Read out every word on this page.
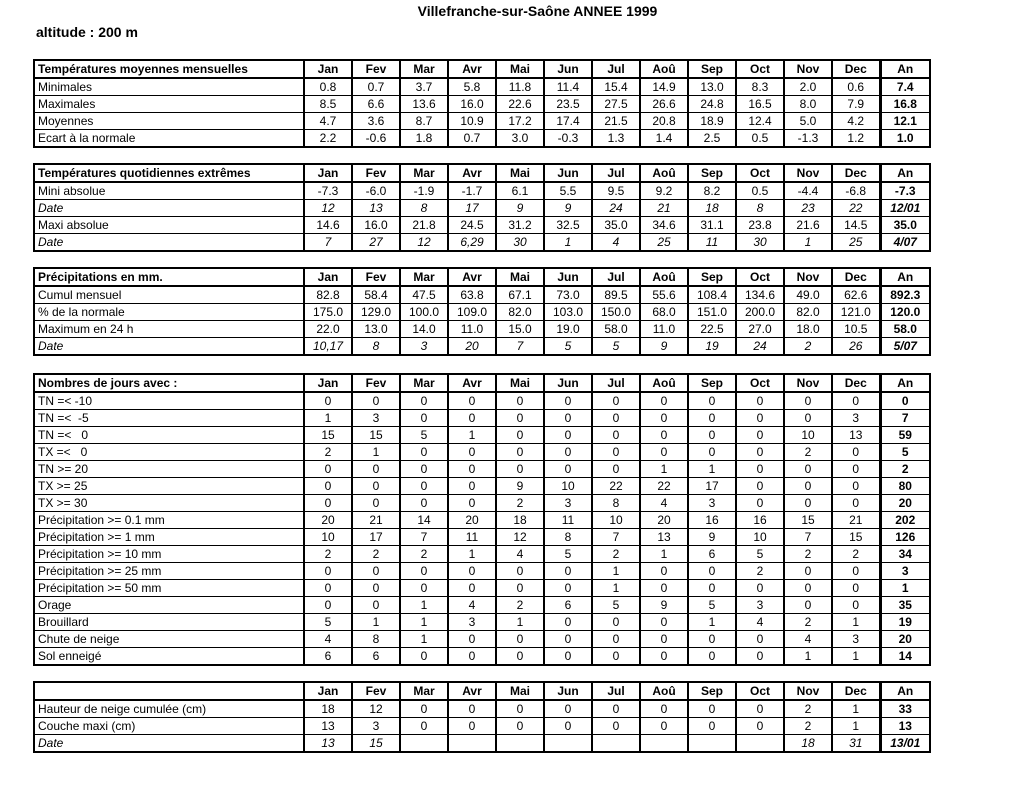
Villefranche-sur-Saône ANNEE 1999
altitude : 200 m
Températures moyennes mensuelles	Jan	Fev	Mar	Avr	Mai	Jun	Jul	Aoû	Sep	Oct	Nov	Dec	An
Minimales	0.8	0.7	3.7	5.8	11.8	11.4	15.4	14.9	13.0	8.3	2.0	0.6	7.4
Maximales	8.5	6.6	13.6	16.0	22.6	23.5	27.5	26.6	24.8	16.5	8.0	7.9	16.8
Moyennes	4.7	3.6	8.7	10.9	17.2	17.4	21.5	20.8	18.9	12.4	5.0	4.2	12.1
Ecart à la normale	2.2	-0.6	1.8	0.7	3.0	-0.3	1.3	1.4	2.5	0.5	-1.3	1.2	1.0
Températures quotidiennes extrêmes	Jan	Fev	Mar	Avr	Mai	Jun	Jul	Aoû	Sep	Oct	Nov	Dec	An
Mini absolue	-7.3	-6.0	-1.9	-1.7	6.1	5.5	9.5	9.2	8.2	0.5	-4.4	-6.8	-7.3
Date	12	13	8	17	9	9	24	21	18	8	23	22	12/01
Maxi absolue	14.6	16.0	21.8	24.5	31.2	32.5	35.0	34.6	31.1	23.8	21.6	14.5	35.0
Date	7	27	12	6,29	30	1	4	25	11	30	1	25	4/07
Précipitations en mm.	Jan	Fev	Mar	Avr	Mai	Jun	Jul	Aoû	Sep	Oct	Nov	Dec	An
Cumul mensuel	82.8	58.4	47.5	63.8	67.1	73.0	89.5	55.6	108.4	134.6	49.0	62.6	892.3
% de la normale	175.0	129.0	100.0	109.0	82.0	103.0	150.0	68.0	151.0	200.0	82.0	121.0	120.0
Maximum en 24 h	22.0	13.0	14.0	11.0	15.0	19.0	58.0	11.0	22.5	27.0	18.0	10.5	58.0
Date	10,17	8	3	20	7	5	5	9	19	24	2	26	5/07
Nombres de jours avec :	Jan	Fev	Mar	Avr	Mai	Jun	Jul	Aoû	Sep	Oct	Nov	Dec	An
TN =< -10	0	0	0	0	0	0	0	0	0	0	0	0	0
TN =<  -5	1	3	0	0	0	0	0	0	0	0	0	3	7
TN =<   0	15	15	5	1	0	0	0	0	0	0	10	13	59
TX =<   0	2	1	0	0	0	0	0	0	0	0	2	0	5
TN >= 20	0	0	0	0	0	0	0	1	1	0	0	0	2
TX >= 25	0	0	0	0	9	10	22	22	17	0	0	0	80
TX >= 30	0	0	0	0	2	3	8	4	3	0	0	0	20
Précipitation >= 0.1 mm	20	21	14	20	18	11	10	20	16	16	15	21	202
Précipitation >= 1 mm	10	17	7	11	12	8	7	13	9	10	7	15	126
Précipitation >= 10 mm	2	2	2	1	4	5	2	1	6	5	2	2	34
Précipitation >= 25 mm	0	0	0	0	0	0	1	0	0	2	0	0	3
Précipitation >= 50 mm	0	0	0	0	0	0	1	0	0	0	0	0	1
Orage	0	0	1	4	2	6	5	9	5	3	0	0	35
Brouillard	5	1	1	3	1	0	0	0	1	4	2	1	19
Chute de neige	4	8	1	0	0	0	0	0	0	0	4	3	20
Sol enneigé	6	6	0	0	0	0	0	0	0	0	1	1	14
	Jan	Fev	Mar	Avr	Mai	Jun	Jul	Aoû	Sep	Oct	Nov	Dec	An
Hauteur de neige cumulée (cm)	18	12	0	0	0	0	0	0	0	0	2	1	33
Couche maxi (cm)	13	3	0	0	0	0	0	0	0	0	2	1	13
Date	13	15									18	31	13/01
